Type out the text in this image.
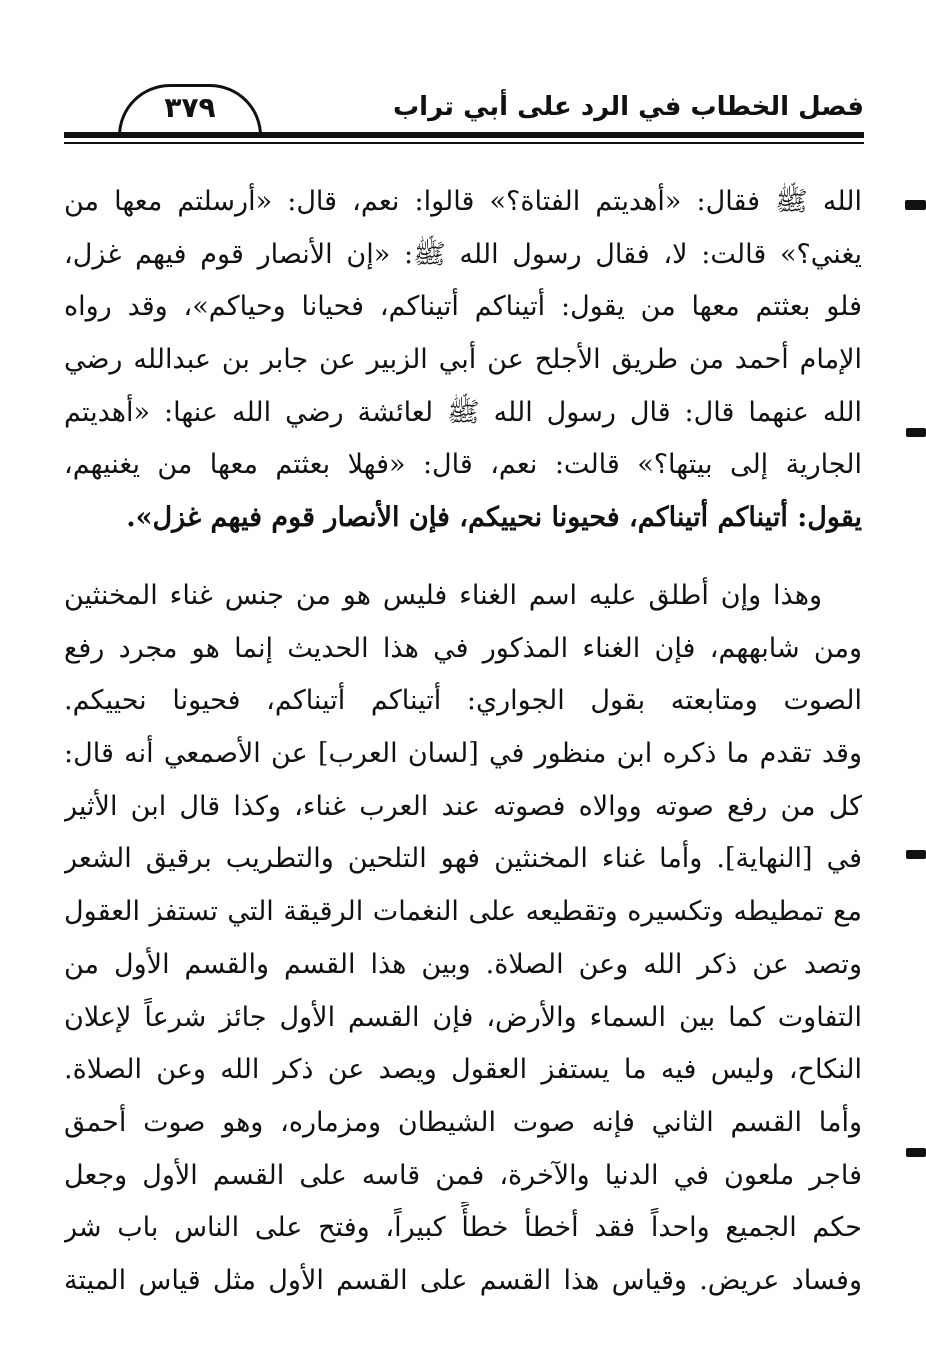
فصل الخطاب في الرد على أبي تراب
٣٧٩
الله ﷺ فقال: «أهديتم الفتاة؟» قالوا: نعم، قال: «أرسلتم معها من
يغني؟» قالت: لا، فقال رسول الله ﷺ: «إن الأنصار قوم فيهم غزل،
فلو بعثتم معها من يقول: أتيناكم أتيناكم، فحيانا وحياكم»، وقد رواه
الإمام أحمد من طريق الأجلح عن أبي الزبير عن جابر بن عبدالله رضي
الله عنهما قال: قال رسول الله ﷺ لعائشة رضي الله عنها: «أهديتم
الجارية إلى بيتها؟» قالت: نعم، قال: «فهلا بعثتم معها من يغنيهم،
يقول: أتيناكم أتيناكم، فحيونا نحييكم، فإن الأنصار قوم فيهم غزل».
وهذا وإن أطلق عليه اسم الغناء فليس هو من جنس غناء المخنثين
ومن شابههم، فإن الغناء المذكور في هذا الحديث إنما هو مجرد رفع
الصوت ومتابعته بقول الجواري: أتيناكم أتيناكم، فحيونا نحييكم.
وقد تقدم ما ذكره ابن منظور في [لسان العرب] عن الأصمعي أنه قال:
كل من رفع صوته ووالاه فصوته عند العرب غناء، وكذا قال ابن الأثير
في [النهاية]. وأما غناء المخنثين فهو التلحين والتطريب برقيق الشعر
مع تمطيطه وتكسيره وتقطيعه على النغمات الرقيقة التي تستفز العقول
وتصد عن ذكر الله وعن الصلاة. وبين هذا القسم والقسم الأول من
التفاوت كما بين السماء والأرض، فإن القسم الأول جائز شرعاً لإعلان
النكاح، وليس فيه ما يستفز العقول ويصد عن ذكر الله وعن الصلاة.
وأما القسم الثاني فإنه صوت الشيطان ومزماره، وهو صوت أحمق
فاجر ملعون في الدنيا والآخرة، فمن قاسه على القسم الأول وجعل
حكم الجميع واحداً فقد أخطأ خطأً كبيراً، وفتح على الناس باب شر
وفساد عريض. وقياس هذا القسم على القسم الأول مثل قياس الميتة
